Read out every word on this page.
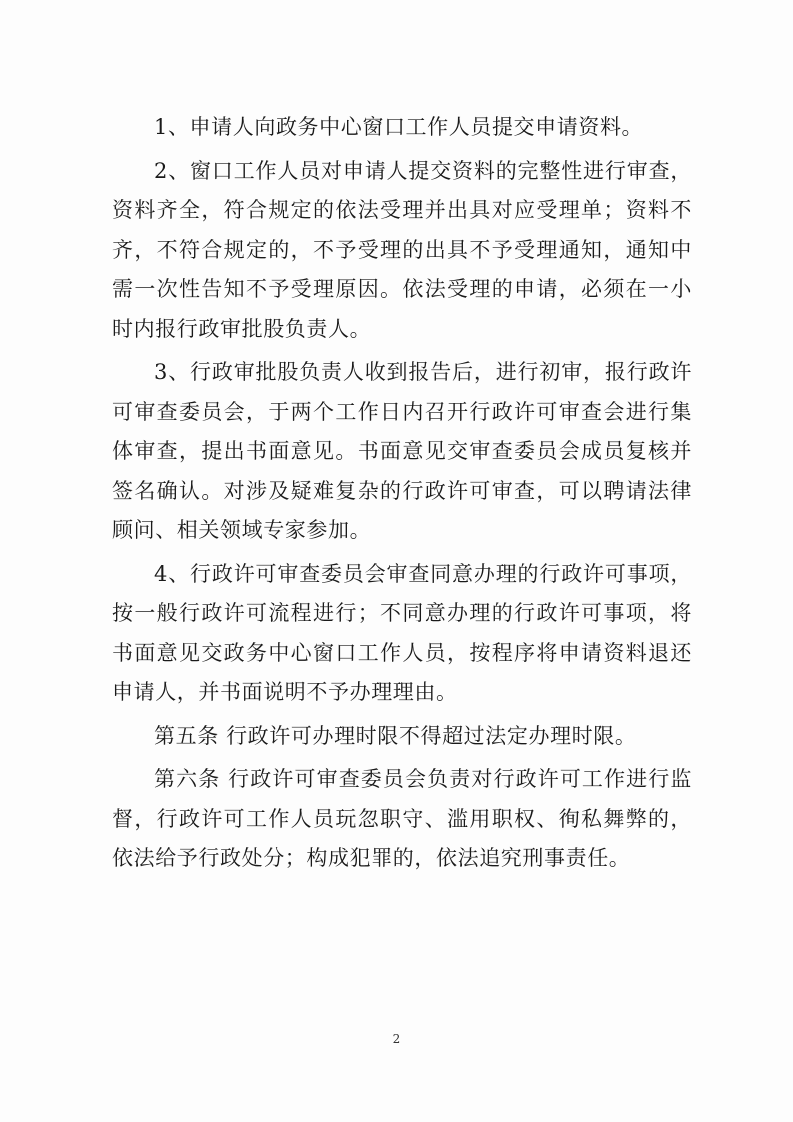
1、申请人向政务中心窗口工作人员提交申请资料。

2、窗口工作人员对申请人提交资料的完整性进行审查，资料齐全，符合规定的依法受理并出具对应受理单；资料不齐，不符合规定的，不予受理的出具不予受理通知，通知中需一次性告知不予受理原因。依法受理的申请，必须在一小时内报行政审批股负责人。

3、行政审批股负责人收到报告后，进行初审，报行政许可审查委员会，于两个工作日内召开行政许可审查会进行集体审查，提出书面意见。书面意见交审查委员会成员复核并签名确认。对涉及疑难复杂的行政许可审查，可以聘请法律顾问、相关领域专家参加。

4、行政许可审查委员会审查同意办理的行政许可事项，按一般行政许可流程进行；不同意办理的行政许可事项，将书面意见交政务中心窗口工作人员，按程序将申请资料退还申请人，并书面说明不予办理理由。

第五条 行政许可办理时限不得超过法定办理时限。

第六条 行政许可审查委员会负责对行政许可工作进行监督，行政许可工作人员玩忽职守、滥用职权、徇私舞弊的，依法给予行政处分；构成犯罪的，依法追究刑事责任。

2
